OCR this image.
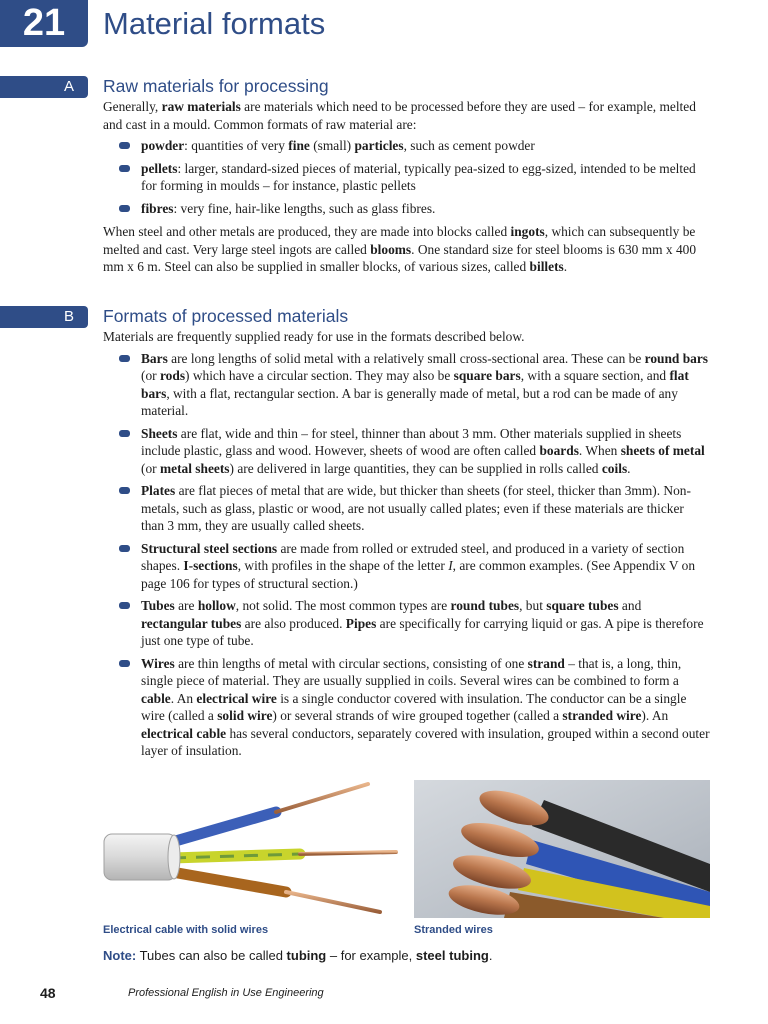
21	Material formats
A	Raw materials for processing

Generally, raw materials are materials which need to be processed before they are used – for example, melted and cast in a mould. Common formats of raw material are:

powder: quantities of very fine (small) particles, such as cement powder
pellets: larger, standard-sized pieces of material, typically pea-sized to egg-sized, intended to be melted for forming in moulds – for instance, plastic pellets
fibres: very fine, hair-like lengths, such as glass fibres.

When steel and other metals are produced, they are made into blocks called ingots, which can subsequently be melted and cast. Very large steel ingots are called blooms. One standard size for steel blooms is 630 mm x 400 mm x 6 m. Steel can also be supplied in smaller blocks, of various sizes, called billets.

B	Formats of processed materials

Materials are frequently supplied ready for use in the formats described below.

Bars are long lengths of solid metal with a relatively small cross-sectional area. These can be round bars (or rods) which have a circular section. They may also be square bars, with a square section, and flat bars, with a flat, rectangular section. A bar is generally made of metal, but a rod can be made of any material.
Sheets are flat, wide and thin – for steel, thinner than about 3 mm. Other materials supplied in sheets include plastic, glass and wood. However, sheets of wood are often called boards. When sheets of metal (or metal sheets) are delivered in large quantities, they can be supplied in rolls called coils.
Plates are flat pieces of metal that are wide, but thicker than sheets (for steel, thicker than 3mm). Non-metals, such as glass, plastic or wood, are not usually called plates; even if these materials are thicker than 3 mm, they are usually called sheets.
Structural steel sections are made from rolled or extruded steel, and produced in a variety of section shapes. I-sections, with profiles in the shape of the letter I, are common examples. (See Appendix V on page 106 for types of structural section.)
Tubes are hollow, not solid. The most common types are round tubes, but square tubes and rectangular tubes are also produced. Pipes are specifically for carrying liquid or gas. A pipe is therefore just one type of tube.
Wires are thin lengths of metal with circular sections, consisting of one strand – that is, a long, thin, single piece of material. They are usually supplied in coils. Several wires can be combined to form a cable. An electrical wire is a single conductor covered with insulation. The conductor can be a single wire (called a solid wire) or several strands of wire grouped together (called a stranded wire). An electrical cable has several conductors, separately covered with insulation, grouped within a second outer layer of insulation.
Electrical cable with solid wires	Stranded wires
Note: Tubes can also be called tubing – for example, steel tubing.
48	Professional English in Use Engineering
